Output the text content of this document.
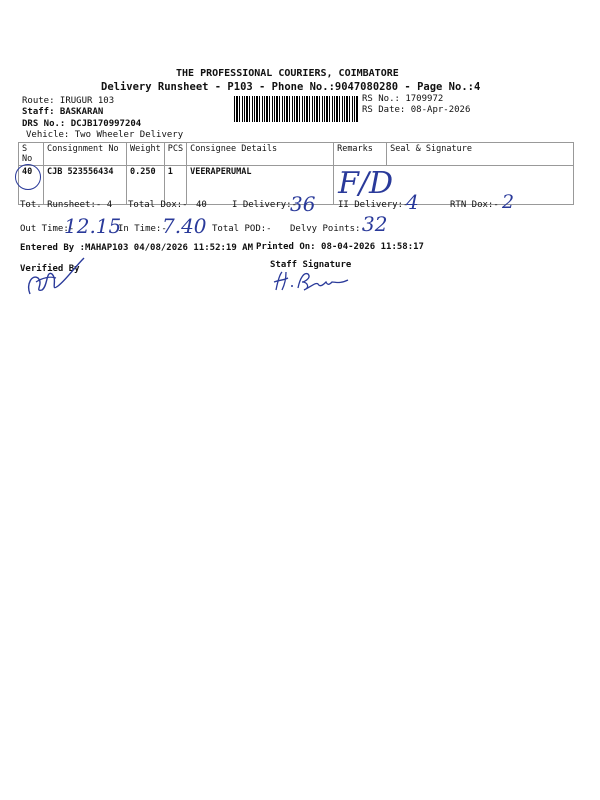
THE PROFESSIONAL COURIERS, COIMBATORE
Delivery Runsheet - P103 - Phone No.:9047080280 - Page No.:4
Route: IRUGUR 103
Staff: BASKARAN
DRS No.: DCJB170997204
Vehicle: Two Wheeler Delivery
RS No.: 1709972
RS Date: 08-Apr-2026
S No	Consignment No	Weight	PCS	Consignee Details	Remarks	Seal & Signature

40	CJB 523556434	0.250	1	VEERAPERUMAL	F/D	
Tot. Runsheet:- 4 Total Dox:- 40	I Delivery:-
36	II Delivery:-
4	RTN Dox:- 2
Out Time:-
12.15
In Time:-
7.40 Total POD:- Delvy Points:-
32
Entered By :MAHAP103 04/08/2026 11:52:19 AM Printed On: 08-04-2026 11:58:17
Verified By	Staff Signature
